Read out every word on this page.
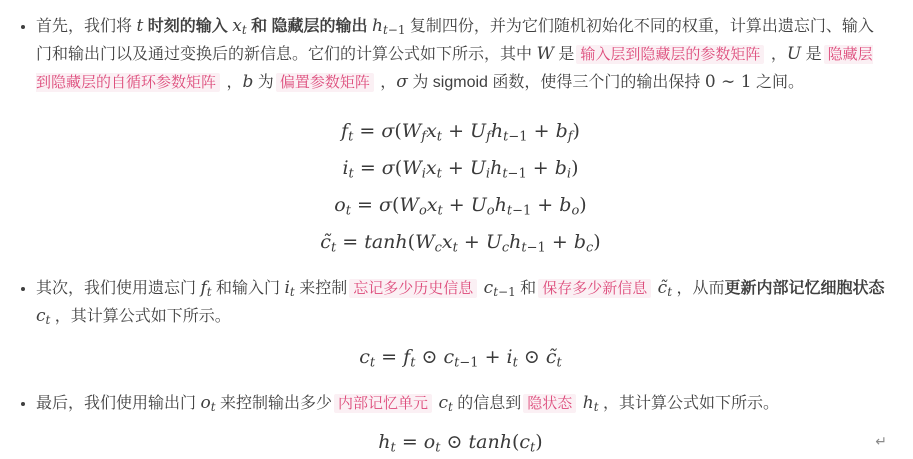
• 首先，我们将 t 时刻的输入 $x_t$ 和 隐藏层的输出 $h_{t-1}$ 复制四份，并为它们随机初始化不同的权重，计算出遗忘门、输入门和输出门以及通过变换后的新信息。它们的计算公式如下所示，其中 W 是 输入层到隐藏层的参数矩阵 ，U 是 隐藏层到隐藏层的自循环参数矩阵 ，b 为 偏置参数矩阵 ，σ 为 sigmoid 函数，使得三个门的输出保持 0 ∼ 1 之间。
$f_t = \sigma(W_fx_t + U_fh_{t-1} + b_f)$
$i_t = \sigma(W_ix_t + U_ih_{t-1} + b_i)$
$o_t = \sigma(W_ox_t + U_oh_{t-1} + b_o)$
$c̃_t = \tanh(W_cx_t + U_ch_{t-1} + b_c)$
• 其次，我们使用遗忘门 $f_t$ 和输入门 $i_t$ 来控制 忘记多少历史信息 $c_{t-1}$ 和 保存多少新信息 $c̃_t$ ，从而更新内部记忆细胞状态 $c_t$ ，其计算公式如下所示。
$c_t = f_t$ ⊙ $c_{t-1} + i_t$ ⊙ $c̃_t$
• 最后，我们使用输出门 $o_t$ 来控制输出多少 内部记忆单元 $c_t$ 的信息到 隐状态 $h_t$ ，其计算公式如下所示。
$h_t = o_t$ ⊙ $\tanh(c_t)$	↵
